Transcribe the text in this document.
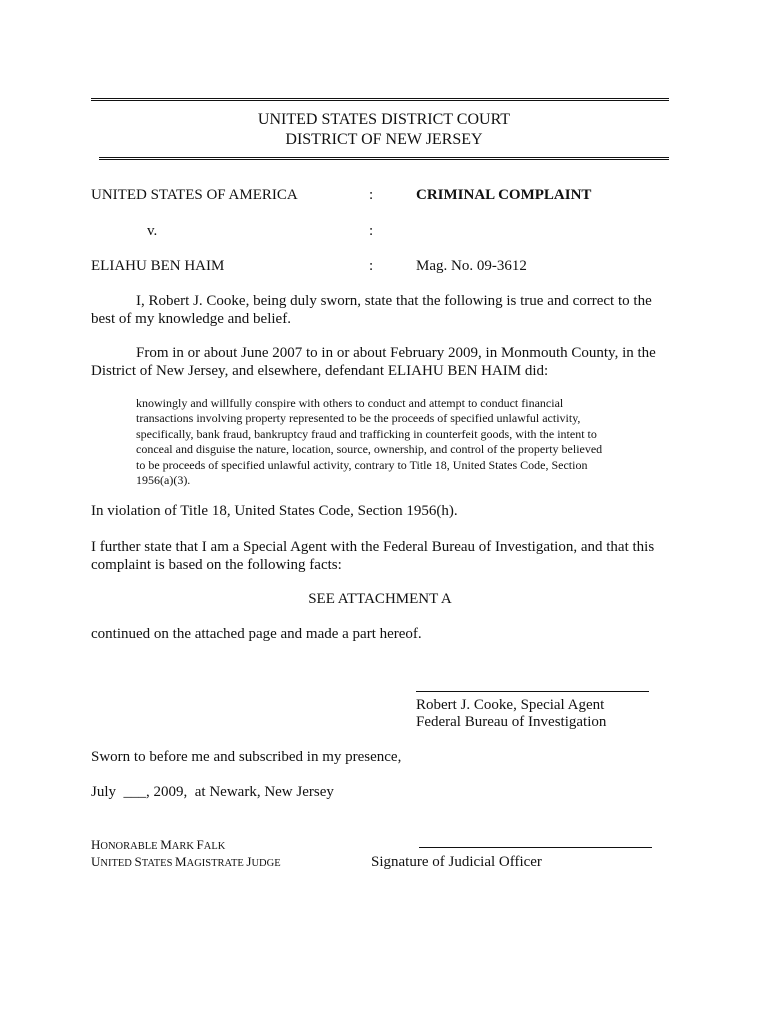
UNITED STATES DISTRICT COURT
DISTRICT OF NEW JERSEY
UNITED STATES OF AMERICA	:	CRIMINAL COMPLAINT
v.	:
ELIAHU BEN HAIM	:	Mag. No. 09-3612
I, Robert J. Cooke, being duly sworn, state that the following is true and correct to the best of my knowledge and belief.
From in or about June 2007 to in or about February 2009, in Monmouth County, in the District of New Jersey, and elsewhere, defendant ELIAHU BEN HAIM did:
knowingly and willfully conspire with others to conduct and attempt to conduct financial
transactions involving property represented to be the proceeds of specified unlawful activity,
specifically, bank fraud, bankruptcy fraud and trafficking in counterfeit goods, with the intent to
conceal and disguise the nature, location, source, ownership, and control of the property believed
to be proceeds of specified unlawful activity, contrary to Title 18, United States Code, Section
1956(a)(3).
In violation of Title 18, United States Code, Section 1956(h).
I further state that I am a Special Agent with the Federal Bureau of Investigation, and that this complaint is based on the following facts:
SEE ATTACHMENT A
continued on the attached page and made a part hereof.
Robert J. Cooke, Special Agent
Federal Bureau of Investigation
Sworn to before me and subscribed in my presence,
July ___, 2009,  at Newark, New Jersey
HONORABLE MARK FALK
UNITED STATES MAGISTRATE JUDGE	Signature of Judicial Officer
